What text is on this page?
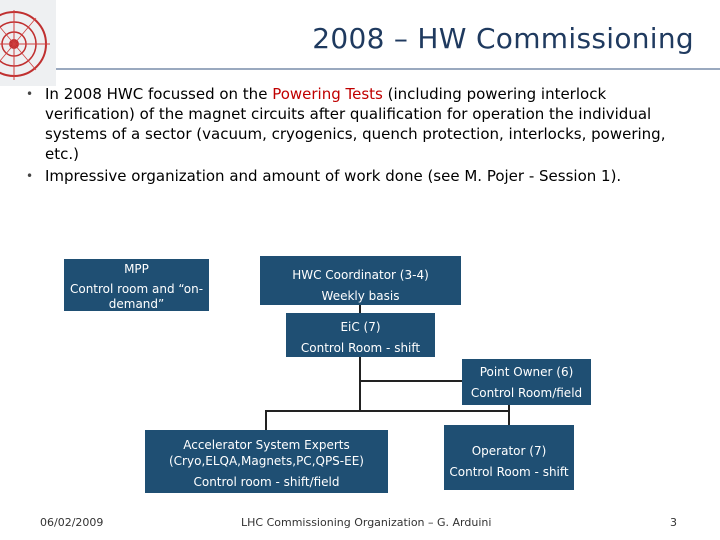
2008 – HW Commissioning
• In 2008 HWC focussed on the Powering Tests (including powering interlock verification) of the magnet circuits after qualification for operation the individual systems of a sector (vacuum, cryogenics, quench protection, interlocks, powering, etc.)
• Impressive organization and amount of work done (see M. Pojer - Session 1).
MPP
Control room and “on-demand”
HWC Coordinator (3-4)
Weekly basis
EiC (7)
Control Room - shift
Point Owner (6)
Control Room/field
Accelerator System Experts
(Cryo,ELQA,Magnets,PC,QPS-EE)
Control room - shift/field
Operator (7)
Control Room - shift
06/02/2009	LHC Commissioning Organization – G. Arduini	3
